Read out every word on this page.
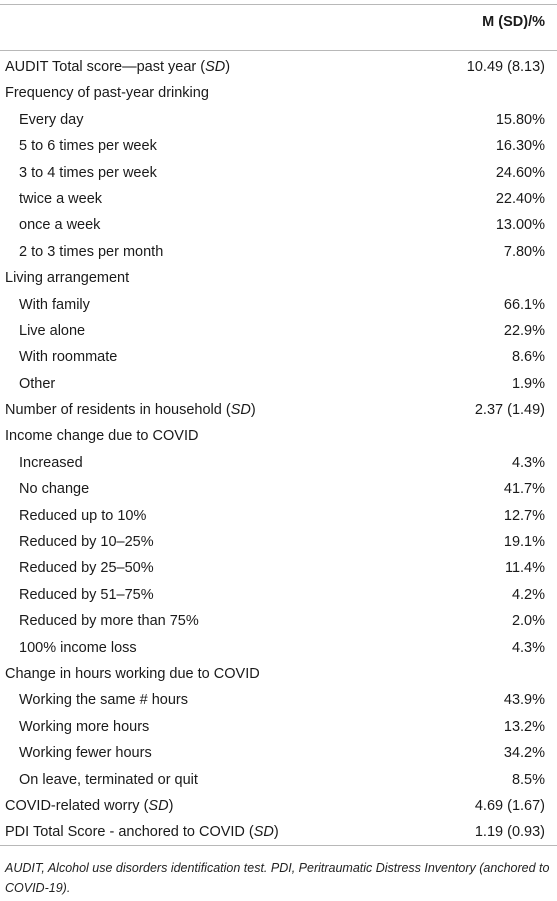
M (SD)/%
AUDIT Total score—past year (SD)	10.49 (8.13)
Frequency of past-year drinking
Every day	15.80%
5 to 6 times per week	16.30%
3 to 4 times per week	24.60%
twice a week	22.40%
once a week	13.00%
2 to 3 times per month	7.80%
Living arrangement
With family	66.1%
Live alone	22.9%
With roommate	8.6%
Other	1.9%
Number of residents in household (SD)	2.37 (1.49)
Income change due to COVID
Increased	4.3%
No change	41.7%
Reduced up to 10%	12.7%
Reduced by 10–25%	19.1%
Reduced by 25–50%	11.4%
Reduced by 51–75%	4.2%
Reduced by more than 75%	2.0%
100% income loss	4.3%
Change in hours working due to COVID
Working the same # hours	43.9%
Working more hours	13.2%
Working fewer hours	34.2%
On leave, terminated or quit	8.5%
COVID-related worry (SD)	4.69 (1.67)
PDI Total Score - anchored to COVID (SD)	1.19 (0.93)
AUDIT, Alcohol use disorders identification test. PDI, Peritraumatic Distress Inventory (anchored to COVID-19).
